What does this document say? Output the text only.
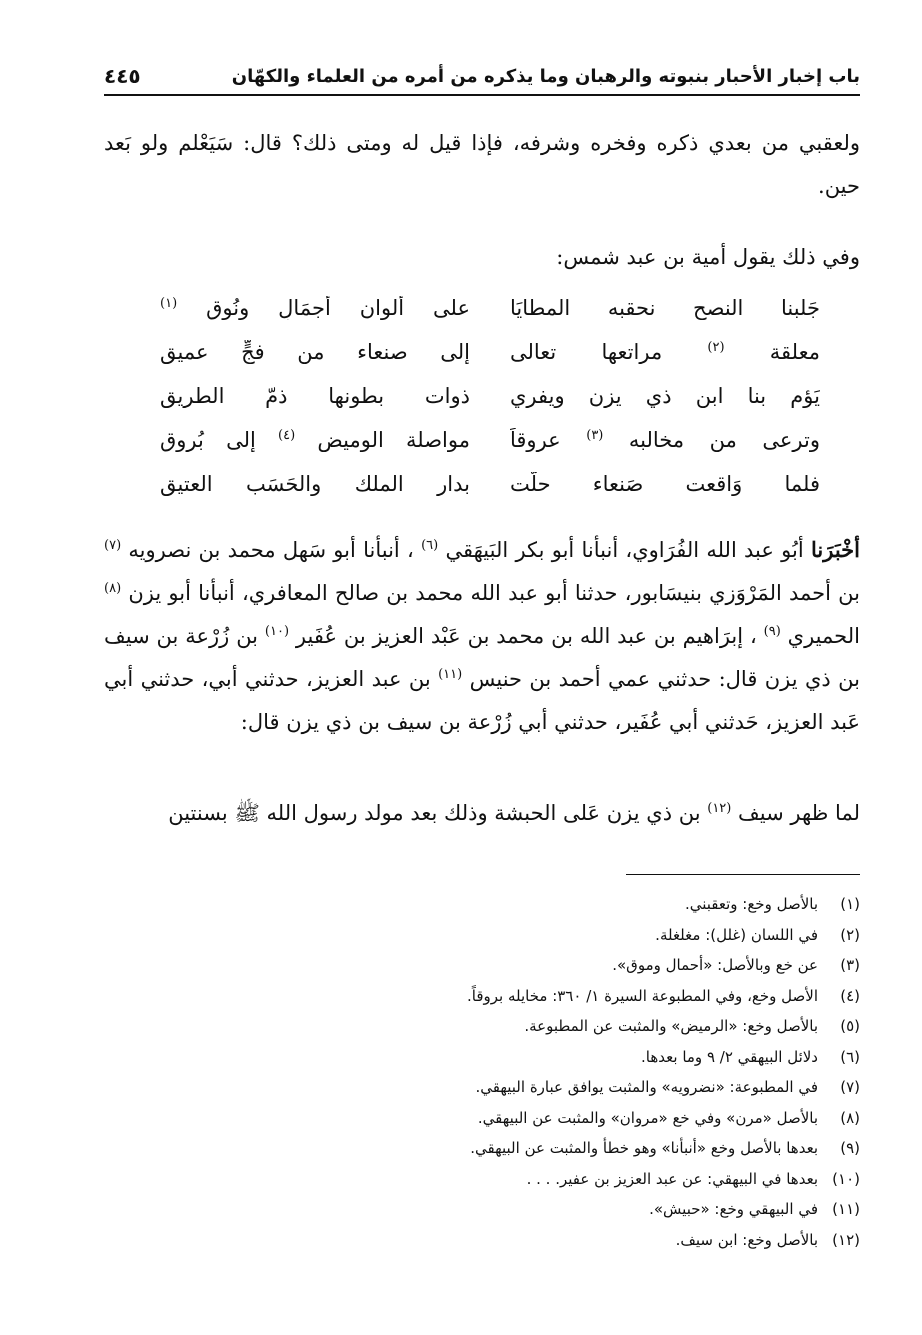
باب إخبار الأحبار بنبوته والرهبان وما يذكره من أمره من العلماء والكهّان
٤٤٥
ولعقبي من بعدي ذكره وفخره وشرفه، فإذا قيل له ومتى ذلك؟ قال: سَيَعْلم ولو بَعد حين.
وفي ذلك يقول أمية بن عبد شمس:
جَلبنا النصح نحقبه المطايَا
على ألوان أجمَالٍ ونُوقِ $^{(١)}$
معلقة $^{(٢)}$ مراتعها تعالى
إلى صنعاء من فجٍّ عميق
يَؤم بنا ابن ذي يزن ويفري
ذوات بطونها ذمّ الطريق
وترعى من مخالبه $^{(٣)}$ عروقاً
مواصلة الوميض $^{(٤)}$ إلى بُروق
فلما وَاقعت صَنعاء حلّت
بدار الملك والحَسَب العتيق
أخْبَرَنا أبُو عبد الله الفُرَاوي، أنبأنا أبو بكر البَيهَقي $^{(٦)}$ ، أنبأنا أبو سَهل محمد بن نصرويه $^{(٧)}$ بن أحمد المَرْوَزي بنيسَابور، حدثنا أبو عبد الله محمد بن صالح المعافري، أنبأنا أبو يزن $^{(٨)}$ الحميري $^{(٩)}$ ، إبرَاهيم بن عبد الله بن محمد بن عَبْد العزيز بن عُفَير $^{(١٠)}$ بن زُرْعة بن سيف بن ذي يزن قال: حدثني عمي أحمد بن حنيس $^{(١١)}$ بن عبد العزيز، حدثني أبي، حدثني أبي عَبد العزيز، حَدثني أبي عُفَير، حدثني أبي زُرْعة بن سيف بن ذي يزن قال:
لما ظهر سيف $^{(١٢)}$ بن ذي يزن عَلى الحبشة وذلك بعد مولد رسول الله ﷺ بسنتين
(١)
بالأصل وخع: وتعقبني.
(٢)
في اللسان (غلل): مغلغلة.
(٣)
عن خع وبالأصل: «أحمال وموق».
(٤)
الأصل وخع، وفي المطبوعة السيرة ١/ ٣٦٠: مخايله بروقاً.
(٥)
بالأصل وخع: «الرميض» والمثبت عن المطبوعة.
(٦)
دلائل البيهقي ٢/ ٩ وما بعدها.
(٧)
في المطبوعة: «نضرويه» والمثبت يوافق عبارة البيهقي.
(٨)
بالأصل «مرن» وفي خع «مروان» والمثبت عن البيهقي.
(٩)
بعدها بالأصل وخع «أنبأنا» وهو خطأ والمثبت عن البيهقي.
(١٠)
بعدها في البيهقي: عن عبد العزيز بن عفير. . . .
(١١)
في البيهقي وخع: «حبيش».
(١٢)
بالأصل وخع: ابن سيف.
